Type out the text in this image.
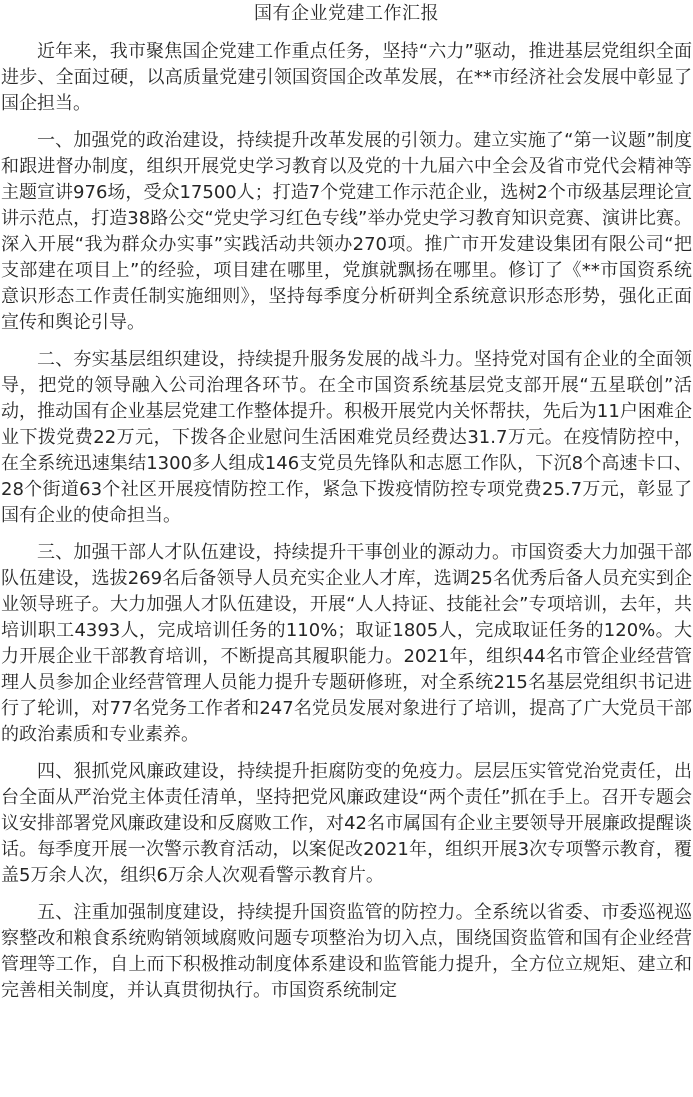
国有企业党建工作汇报

近年来，我市聚焦国企党建工作重点任务，坚持“六力”驱动，推进基层党组织全面进步、全面过硬，以高质量党建引领国资国企改革发展，在**市经济社会发展中彰显了国企担当。

一、加强党的政治建设，持续提升改革发展的引领力。建立实施了“第一议题”制度和跟进督办制度，组织开展党史学习教育以及党的十九届六中全会及省市党代会精神等主题宣讲976场，受众17500人；打造7个党建工作示范企业，选树2个市级基层理论宣讲示范点，打造38路公交“党史学习红色专线”举办党史学习教育知识竞赛、演讲比赛。深入开展“我为群众办实事”实践活动共领办270项。推广市开发建设集团有限公司“把支部建在项目上”的经验，项目建在哪里，党旗就飘扬在哪里。修订了《**市国资系统意识形态工作责任制实施细则》，坚持每季度分析研判全系统意识形态形势，强化正面宣传和舆论引导。

二、夯实基层组织建设，持续提升服务发展的战斗力。坚持党对国有企业的全面领导，把党的领导融入公司治理各环节。在全市国资系统基层党支部开展“五星联创”活动，推动国有企业基层党建工作整体提升。积极开展党内关怀帮扶，先后为11户困难企业下拨党费22万元，下拨各企业慰问生活困难党员经费达31.7万元。在疫情防控中，在全系统迅速集结1300多人组成146支党员先锋队和志愿工作队，下沉8个高速卡口、28个街道63个社区开展疫情防控工作，紧急下拨疫情防控专项党费25.7万元，彰显了国有企业的使命担当。

三、加强干部人才队伍建设，持续提升干事创业的源动力。市国资委大力加强干部队伍建设，选拔269名后备领导人员充实企业人才库，选调25名优秀后备人员充实到企业领导班子。大力加强人才队伍建设，开展“人人持证、技能社会”专项培训，去年，共培训职工4393人，完成培训任务的110%；取证1805人，完成取证任务的120%。大力开展企业干部教育培训，不断提高其履职能力。2021年，组织44名市管企业经营管理人员参加企业经营管理人员能力提升专题研修班，对全系统215名基层党组织书记进行了轮训，对77名党务工作者和247名党员发展对象进行了培训，提高了广大党员干部的政治素质和专业素养。

四、狠抓党风廉政建设，持续提升拒腐防变的免疫力。层层压实管党治党责任，出台全面从严治党主体责任清单，坚持把党风廉政建设“两个责任”抓在手上。召开专题会议安排部署党风廉政建设和反腐败工作，对42名市属国有企业主要领导开展廉政提醒谈话。每季度开展一次警示教育活动，以案促改2021年，组织开展3次专项警示教育，覆盖5万余人次，组织6万余人次观看警示教育片。

五、注重加强制度建设，持续提升国资监管的防控力。全系统以省委、市委巡视巡察整改和粮食系统购销领域腐败问题专项整治为切入点，围绕国资监管和国有企业经营管理等工作，自上而下积极推动制度体系建设和监管能力提升，全方位立规矩、建立和完善相关制度，并认真贯彻执行。市国资系统制定
